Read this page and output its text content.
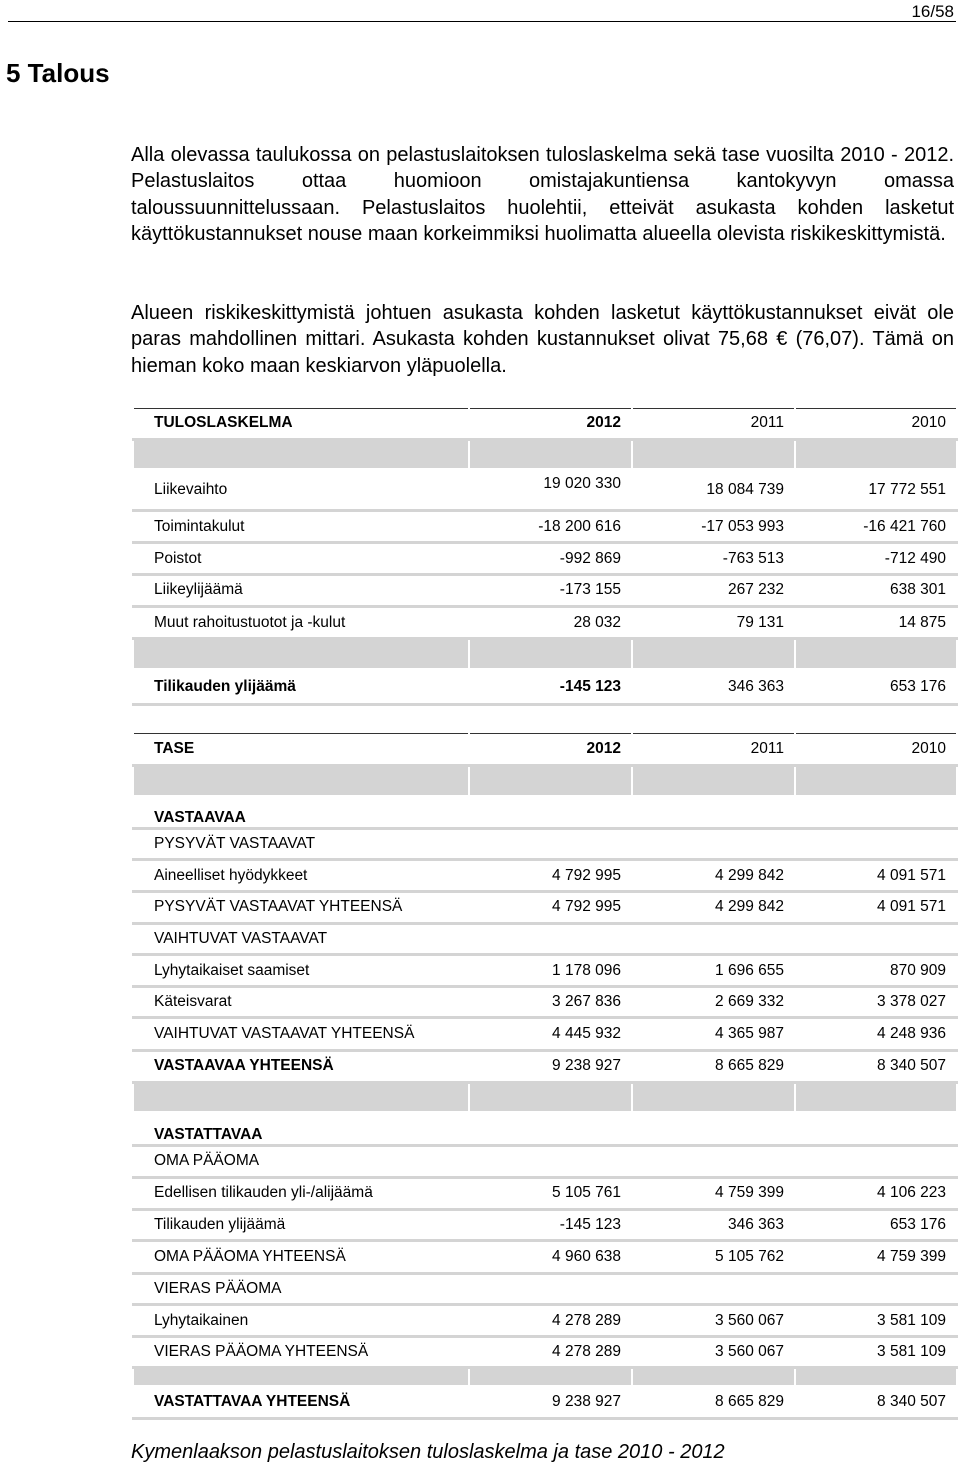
16/58
5 Talous

Alla olevassa taulukossa on pelastuslaitoksen tuloslaskelma sekä tase vuosilta 2010 - 2012. Pelastuslaitos ottaa huomioon omistajakuntiensa kantokyvyn omassa taloussuunnittelussaan. Pelastuslaitos huolehtii, etteivät asukasta kohden lasketut käyttökustannukset nouse maan korkeimmiksi huolimatta alueella olevista riskikeskittymistä.

Alueen riskikeskittymistä johtuen asukasta kohden lasketut käyttökustannukset eivät ole paras mahdollinen mittari. Asukasta kohden kustannukset olivat 75,68 € (76,07). Tämä on hieman koko maan keskiarvon yläpuolella.

TULOSLASKELMA	2012	2011	2010

Liikevaihto	19 020 330	18 084 739	17 772 551
Toimintakulut	-18 200 616	-17 053 993	-16 421 760
Poistot	-992 869	-763 513	-712 490
Liikeylijäämä	-173 155	267 232	638 301
Muut rahoitustuotot ja -kulut	28 032	79 131	14 875

Tilikauden ylijäämä	-145 123	346 363	653 176
TASE	2012	2011	2010

VASTAAVAA			
PYSYVÄT VASTAAVAT			
Aineelliset hyödykkeet	4 792 995	4 299 842	4 091 571
PYSYVÄT VASTAAVAT YHTEENSÄ	4 792 995	4 299 842	4 091 571
VAIHTUVAT VASTAAVAT			
Lyhytaikaiset saamiset	1 178 096	1 696 655	870 909
Käteisvarat	3 267 836	2 669 332	3 378 027
VAIHTUVAT VASTAAVAT YHTEENSÄ	4 445 932	4 365 987	4 248 936
VASTAAVAA YHTEENSÄ	9 238 927	8 665 829	8 340 507

VASTATTAVAA			
OMA PÄÄOMA			
Edellisen tilikauden yli-/alijäämä	5 105 761	4 759 399	4 106 223
Tilikauden ylijäämä	-145 123	346 363	653 176
OMA PÄÄOMA YHTEENSÄ	4 960 638	5 105 762	4 759 399
VIERAS PÄÄOMA			
Lyhytaikainen	4 278 289	3 560 067	3 581 109
VIERAS PÄÄOMA YHTEENSÄ	4 278 289	3 560 067	3 581 109

VASTATTAVAA YHTEENSÄ	9 238 927	8 665 829	8 340 507

Kymenlaakson pelastuslaitoksen tuloslaskelma ja tase 2010 - 2012
